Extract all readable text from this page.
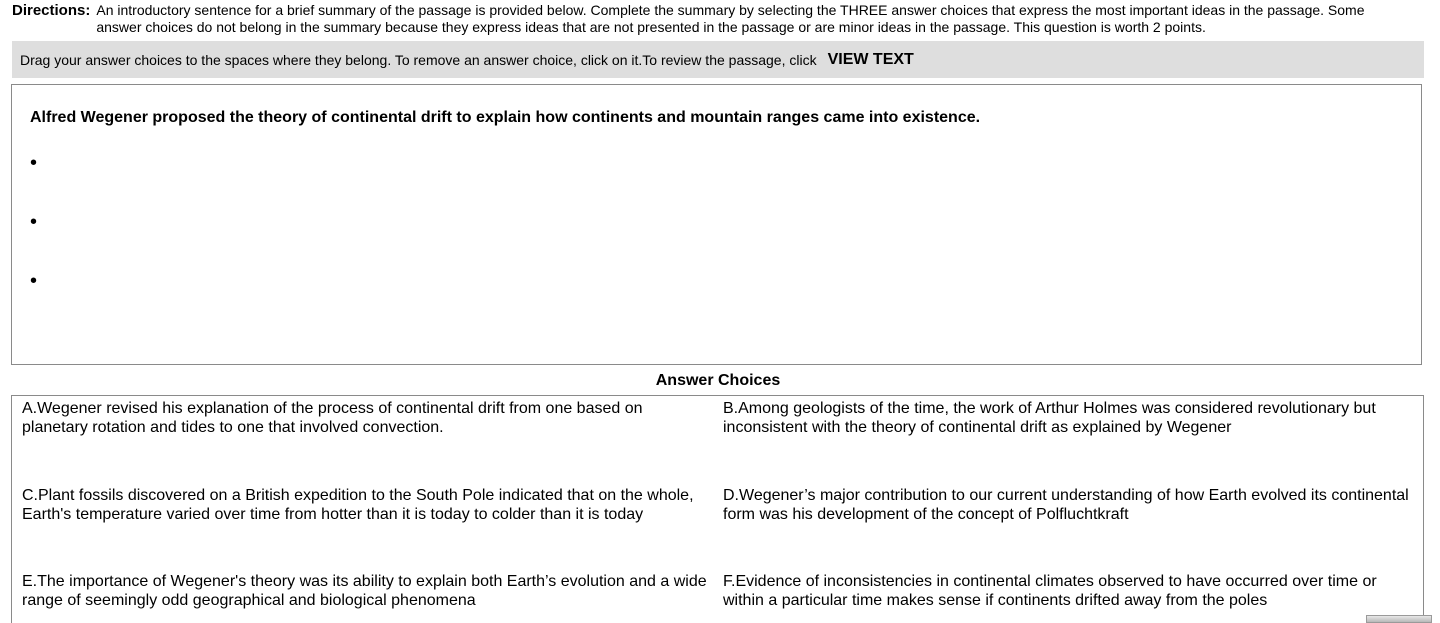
Directions: An introductory sentence for a brief summary of the passage is provided below. Complete the summary by selecting the THREE answer choices that express the most important ideas in the passage. Some answer choices do not belong in the summary because they express ideas that are not presented in the passage or are minor ideas in the passage. This question is worth 2 points.
Drag your answer choices to the spaces where they belong. To remove an answer choice, click on it.To review the passage, click VIEW TEXT
Alfred Wegener proposed the theory of continental drift to explain how continents and mountain ranges came into existence.
•
•
•
Answer Choices
A.Wegener revised his explanation of the process of continental drift from one based on planetary rotation and tides to one that involved convection.
B.Among geologists of the time, the work of Arthur Holmes was considered revolutionary but inconsistent with the theory of continental drift as explained by Wegener
C.Plant fossils discovered on a British expedition to the South Pole indicated that on the whole, Earth's temperature varied over time from hotter than it is today to colder than it is today
D.Wegener’s major contribution to our current understanding of how Earth evolved its continental form was his development of the concept of Polfluchtkraft
E.The importance of Wegener's theory was its ability to explain both Earth’s evolution and a wide range of seemingly odd geographical and biological phenomena
F.Evidence of inconsistencies in continental climates observed to have occurred over time or within a particular time makes sense if continents drifted away from the poles
